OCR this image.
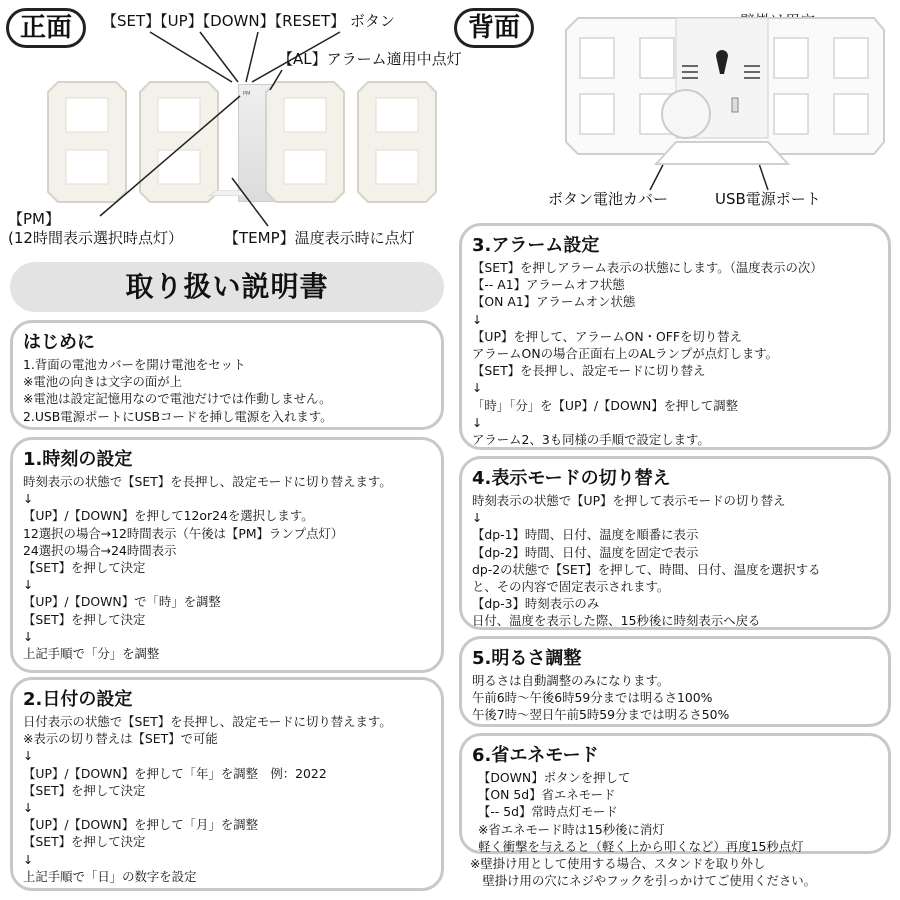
正面	背面
【SET】【UP】【DOWN】【RESET】 ボタン
【AL】アラーム適用中点灯
【PM】
(12時間表示選択時点灯）	【TEMP】温度表示時に点灯
ボタン電池カバー	USB電源ポート
PM
取り扱い説明書
はじめに
1.背面の電池カバーを開け電池をセット
※電池の向きは文字の面が上
※電池は設定記憶用なので電池だけでは作動しません。
2.USB電源ポートにUSBコードを挿し電源を入れます。
1.時刻の設定
時刻表示の状態で【SET】を長押し、設定モードに切り替えます。
↓
【UP】/【DOWN】を押して12or24を選択します。
12選択の場合→12時間表示（午後は【PM】ランプ点灯）
24選択の場合→24時間表示
【SET】を押して決定
↓
【UP】/【DOWN】で「時」を調整
【SET】を押して決定
↓
上記手順で「分」を調整
2.日付の設定
日付表示の状態で【SET】を長押し、設定モードに切り替えます。
※表示の切り替えは【SET】で可能
↓
【UP】/【DOWN】を押して「年」を調整　例：2022
【SET】を押して決定
↓
【UP】/【DOWN】を押して「月」を調整
【SET】を押して決定
↓
上記手順で「日」の数字を設定
3.アラーム設定
【SET】を押しアラーム表示の状態にします。（温度表示の次）
【-- A1】アラームオフ状態
【ON A1】アラームオン状態
↓
【UP】を押して、アラームON・OFFを切り替え
アラームONの場合正面右上のALランプが点灯します。
【SET】を長押し、設定モードに切り替え
↓
「時」「分」を【UP】/【DOWN】を押して調整
↓
アラーム2、3も同様の手順で設定します。
4.表示モードの切り替え
時刻表示の状態で【UP】を押して表示モードの切り替え
↓
【dp-1】時間、日付、温度を順番に表示
【dp-2】時間、日付、温度を固定で表示
dp-2の状態で【SET】を押して、時間、日付、温度を選択する
と、その内容で固定表示されます。
【dp-3】時刻表示のみ
日付、温度を表示した際、15秒後に時刻表示へ戻る
5.明るさ調整
明るさは自動調整のみになります。
午前6時〜午後6時59分までは明るさ100%
午後7時〜翌日午前5時59分までは明るさ50%
6.省エネモード
【DOWN】ボタンを押して
【ON 5d】省エネモード
【-- 5d】常時点灯モード
※省エネモード時は15秒後に消灯
軽く衝撃を与えると（軽く上から叩くなど）再度15秒点灯
※壁掛け用として使用する場合、スタンドを取り外し
　壁掛け用の穴にネジやフックを引っかけてご使用ください。
